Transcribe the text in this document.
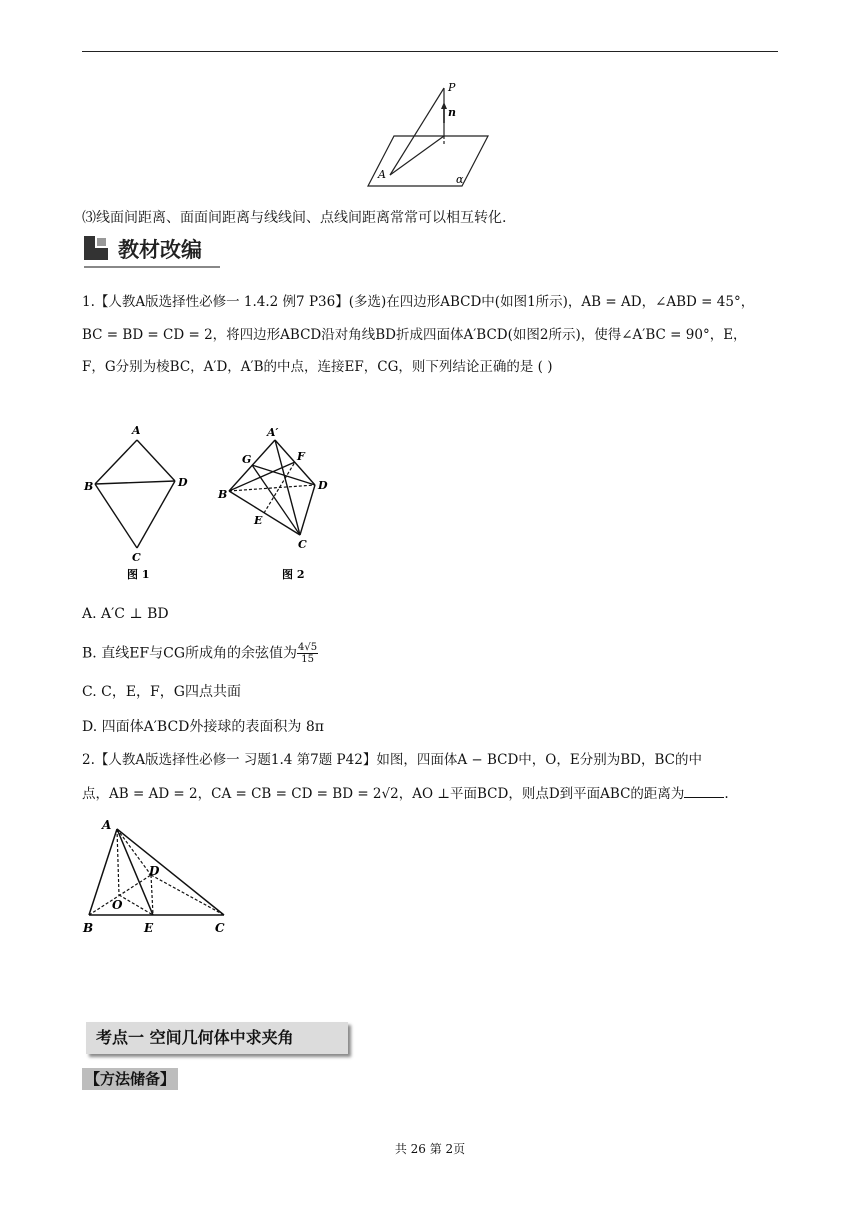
P
n
A	α
⑶线面间距离、面面间距离与线线间、点线间距离常常可以相互转化.
教材改编
1.【人教A版选择性必修一 1.4.2 例7 P36】(多选)在四边形ABCD中(如图1所示)，AB = AD，∠ABD = 45°，
BC = BD = CD = 2，将四边形ABCD沿对角线BD折成四面体A′BCD(如图2所示)，使得∠A′BC = 90°，E，
F，G分别为棱BC，A′D，A′B的中点，连接EF，CG，则下列结论正确的是 ( )
A
B	D
C
图 1
A′
G	F
B
D
E
C
图 2
A. A′C ⊥ BD
B. 直线EF与CG所成角的余弦值为 $\frac{4√5}{15}$
C. C，E，F，G四点共面
D. 四面体A′BCD外接球的表面积为 8π
2.【人教A版选择性必修一 习题1.4 第7题 P42】如图，四面体A − BCD中，O，E分别为BD，BC的中
点，AB = AD = 2，CA = CB = CD = BD = 2√2，AO ⊥平面BCD，则点D到平面ABC的距离为	.
A
D
O
B	E	C
考点一 空间几何体中求夹角
【方法储备】
共 26 第 2页
